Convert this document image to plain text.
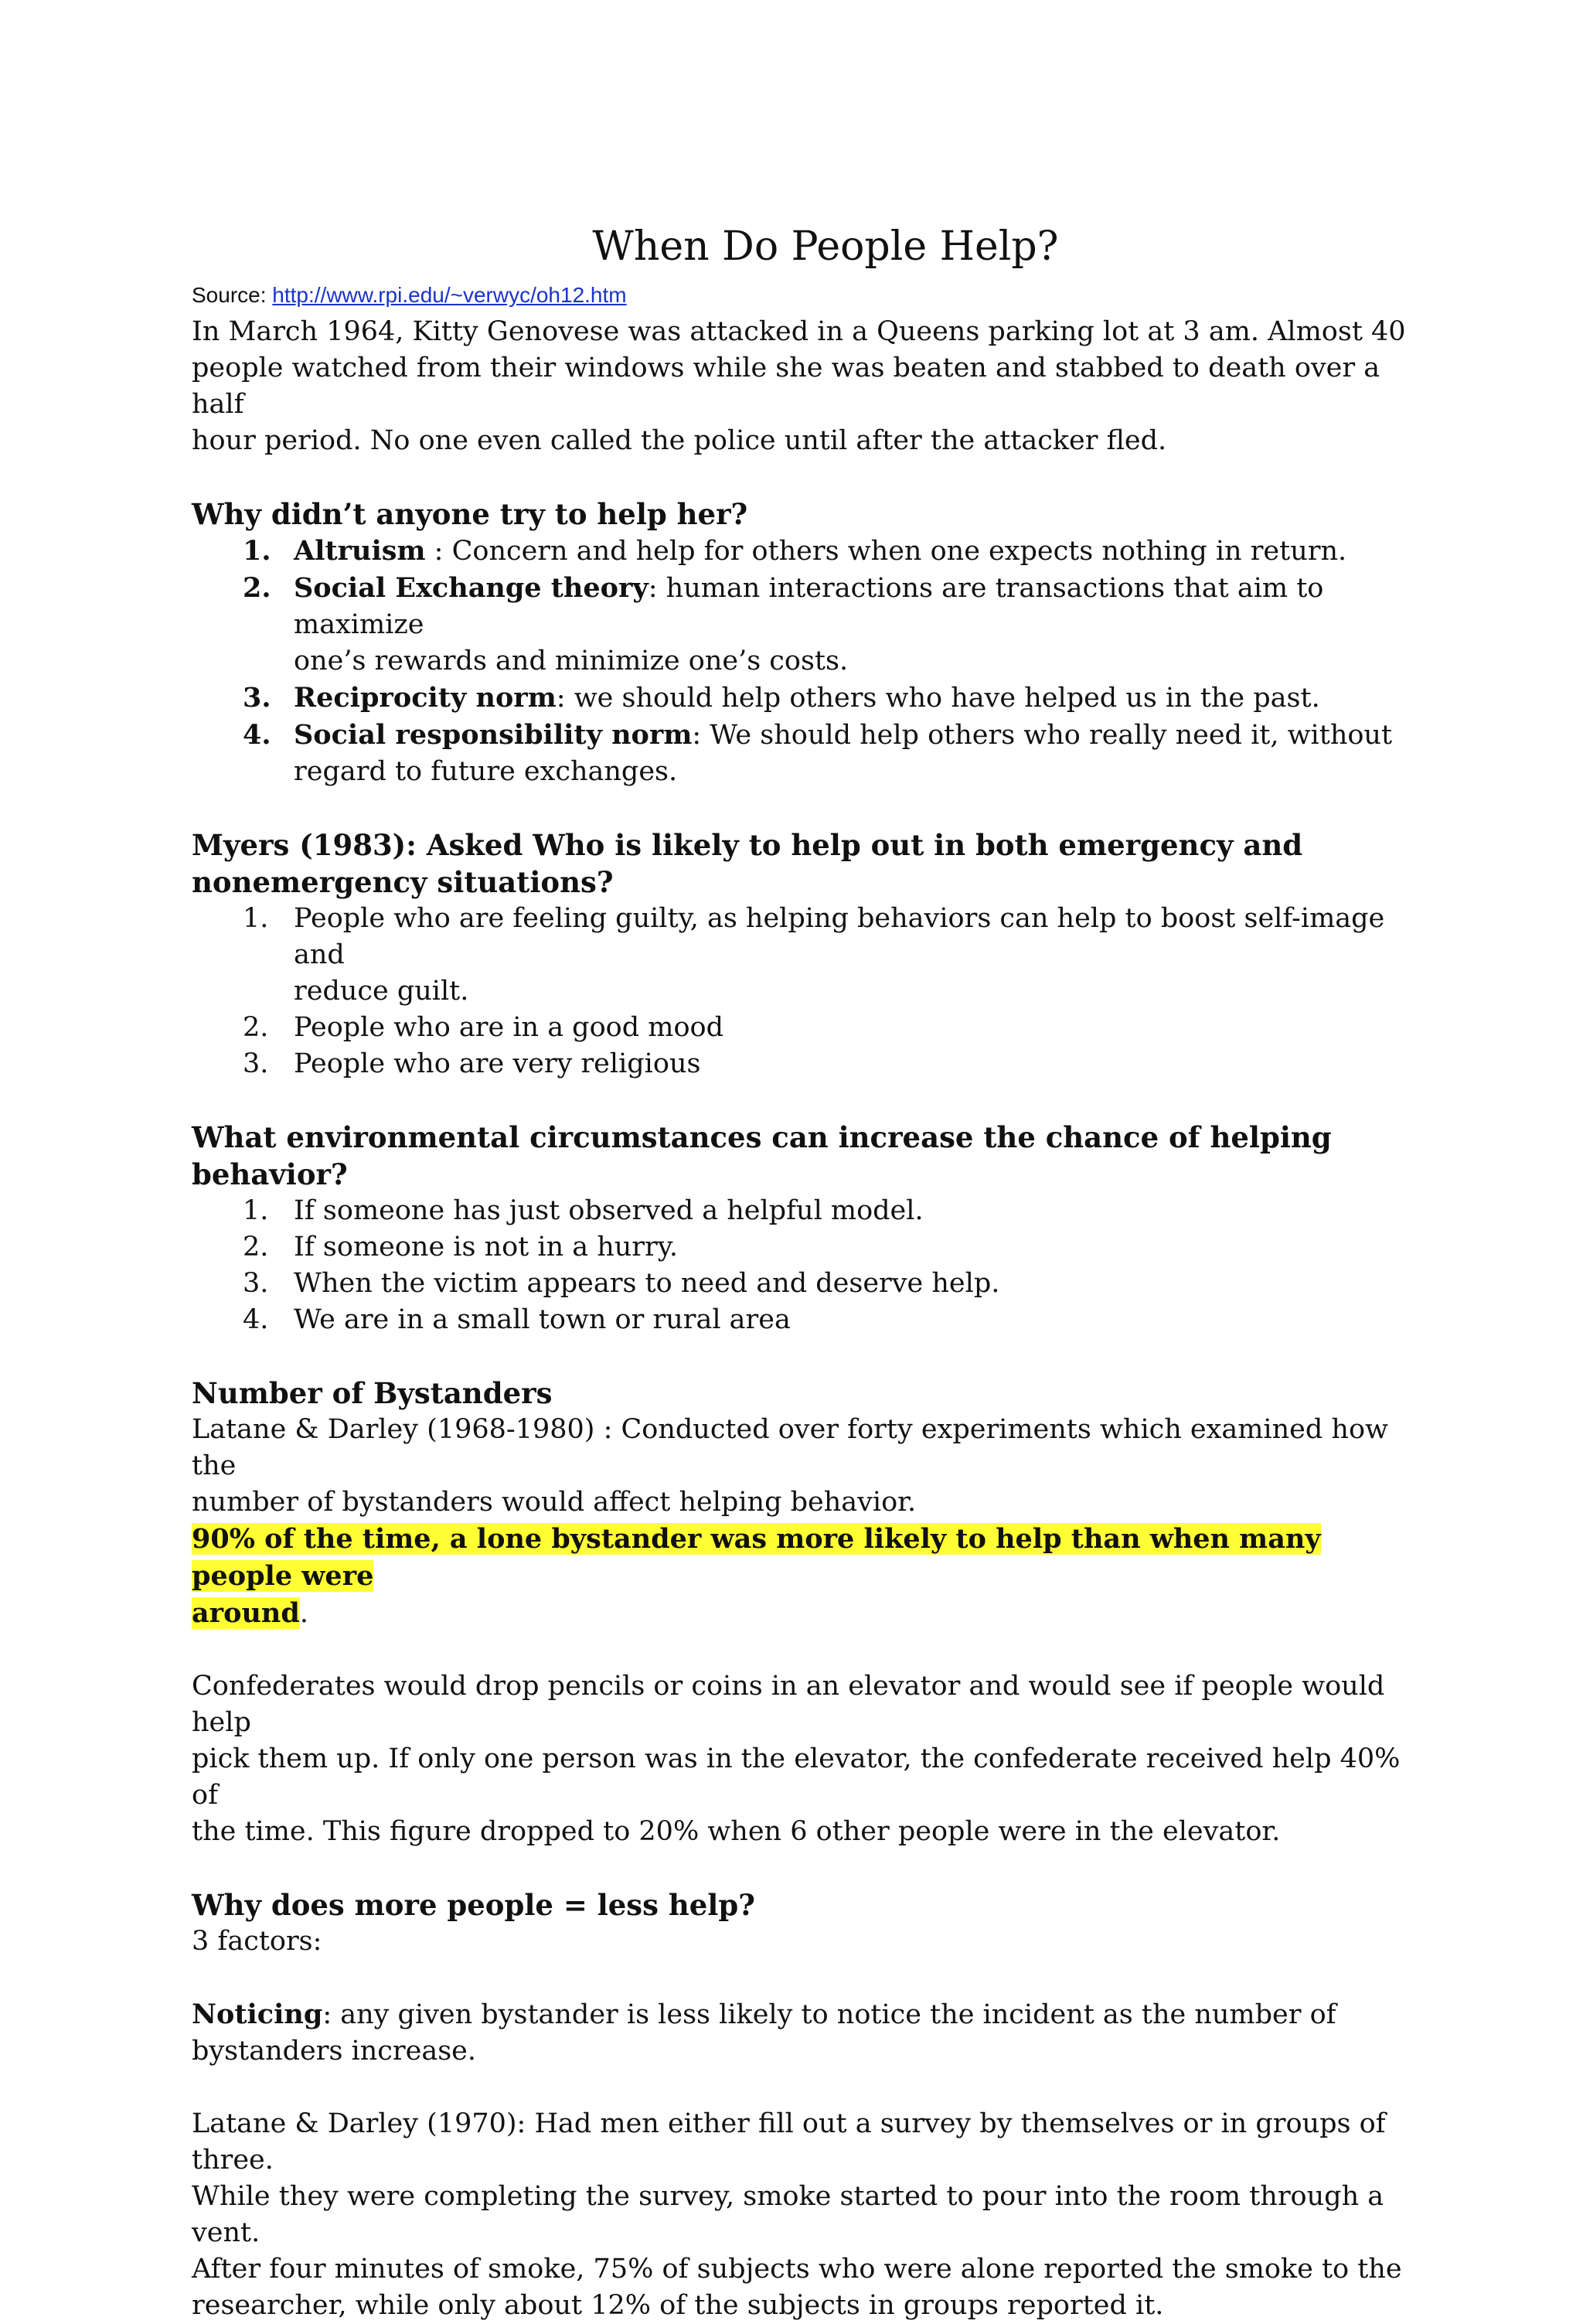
When Do People Help?
Source: http://www.rpi.edu/~verwyc/oh12.htm

In March 1964, Kitty Genovese was attacked in a Queens parking lot at 3 am. Almost 40
people watched from their windows while she was beaten and stabbed to death over a half
hour period. No one even called the police until after the attacker fled.

Why didn’t anyone try to help her?
1. Altruism : Concern and help for others when one expects nothing in return.
2. Social Exchange theory: human interactions are transactions that aim to maximize
one’s rewards and minimize one’s costs.
3. Reciprocity norm: we should help others who have helped us in the past.
4. Social responsibility norm: We should help others who really need it, without
regard to future exchanges.
Myers (1983): Asked Who is likely to help out in both emergency and
nonemergency situations?
1. People who are feeling guilty, as helping behaviors can help to boost self-image and
reduce guilt.
2. People who are in a good mood
3. People who are very religious
What environmental circumstances can increase the chance of helping behavior?
1. If someone has just observed a helpful model.
2. If someone is not in a hurry.
3. When the victim appears to need and deserve help.
4. We are in a small town or rural area
Number of Bystanders

Latane & Darley (1968-1980) : Conducted over forty experiments which examined how the
number of bystanders would affect helping behavior.
90% of the time, a lone bystander was more likely to help than when many people were
around.

Confederates would drop pencils or coins in an elevator and would see if people would help
pick them up. If only one person was in the elevator, the confederate received help 40% of
the time. This figure dropped to 20% when 6 other people were in the elevator.

Why does more people = less help?

3 factors:

Noticing: any given bystander is less likely to notice the incident as the number of
bystanders increase.

Latane & Darley (1970): Had men either fill out a survey by themselves or in groups of three.
While they were completing the survey, smoke started to pour into the room through a vent.
After four minutes of smoke, 75% of subjects who were alone reported the smoke to the
researcher, while only about 12% of the subjects in groups reported it.
